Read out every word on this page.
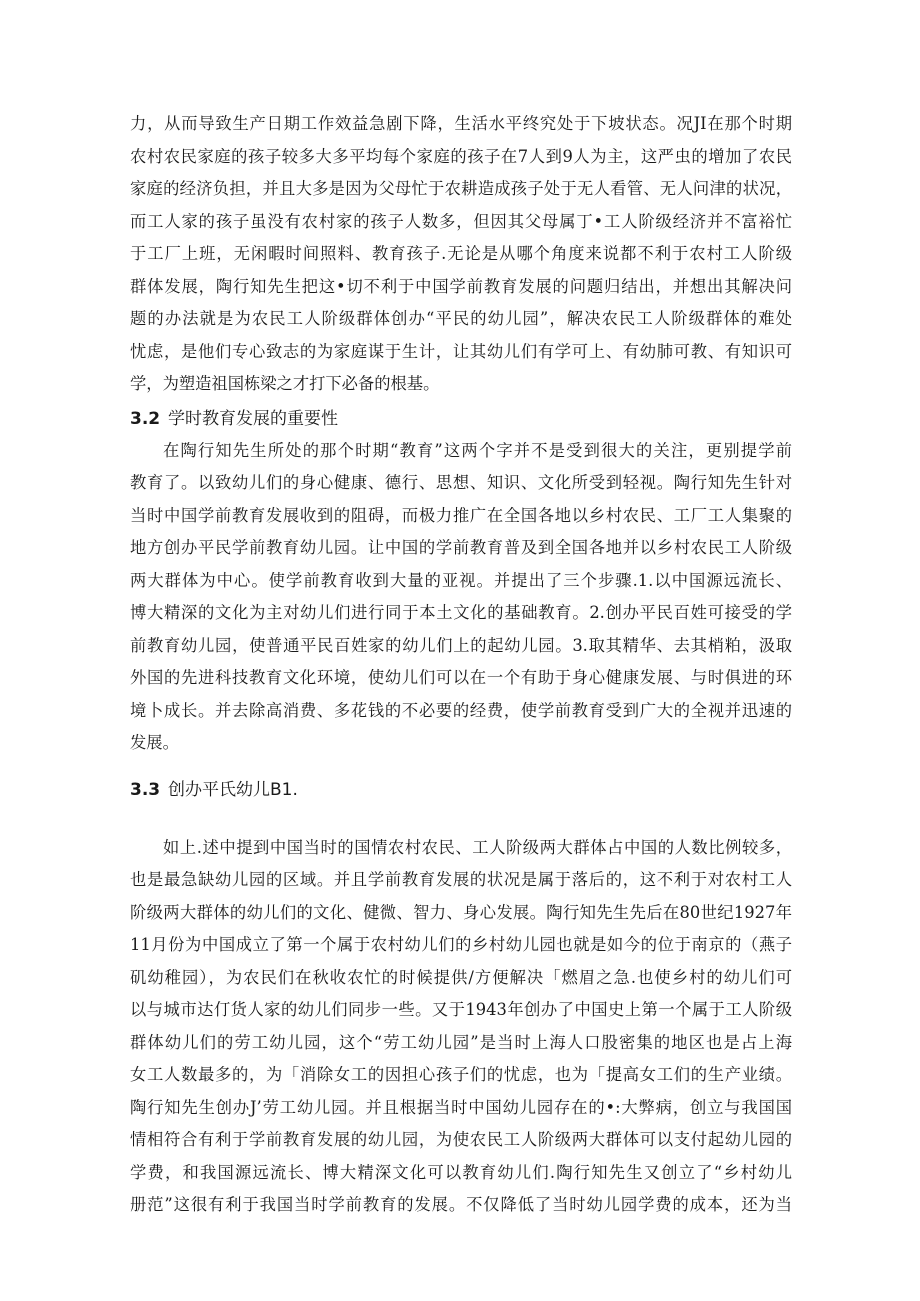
力，从而导致生产日期工作效益急剧下降，生活水平终究处于下坡状态。况JI在那个时期

农村农民家庭的孩子较多大多平均每个家庭的孩子在7人到9人为主，这严虫的增加了农民

家庭的经济负担，并且大多是因为父母忙于农耕造成孩子处于无人看管、无人问津的状况，

而工人家的孩子虽没有农村家的孩子人数多，但因其父母属丁•工人阶级经济并不富裕忙

于工厂上班，无闲暇时间照料、教育孩子.无论是从哪个角度来说都不利于农村工人阶级

群体发展，陶行知先生把这•切不利于中国学前教育发展的问题归结出，并想出其解决问

题的办法就是为农民工人阶级群体创办“平民的幼儿园”，解决农民工人阶级群体的难处

忧虑，是他们专心致志的为家庭谋于生计，让其幼儿们有学可上、有幼肺可教、有知识可

学，为塑造祖国栋梁之才打下必备的根基。

3.2 学时教育发展的重要性

在陶行知先生所处的那个时期“教育”这两个字并不是受到很大的关注，更别提学前

教育了。以致幼儿们的身心健康、德行、思想、知识、文化所受到轻视。陶行知先生针对

当时中国学前教育发展收到的阻碍，而极力推广在全国各地以乡村农民、工厂工人集聚的

地方创办平民学前教育幼儿园。让中国的学前教育普及到全国各地并以乡村农民工人阶级

两大群体为中心。使学前教育收到大量的亚视。并提出了三个步骤.1.以中国源远流长、

博大精深的文化为主对幼儿们进行同于本土文化的基础教育。2.创办平民百姓可接受的学

前教育幼儿园，使普通平民百姓家的幼儿们上的起幼儿园。3.取其精华、去其梢粕，汲取

外国的先进科技教育文化环境，使幼儿们可以在一个有助于身心健康发展、与时俱进的环

境卜成长。并去除高消费、多花钱的不必要的经费，使学前教育受到广大的全视并迅速的

发展。

3.3 创办平氏幼儿B1.

如上.述中提到中国当时的国情农村农民、工人阶级两大群体占中国的人数比例较多，

也是最急缺幼儿园的区域。并且学前教育发展的状况是属于落后的，这不利于对农村工人

阶级两大群体的幼儿们的文化、健微、智力、身心发展。陶行知先生先后在80世纪1927年

11月份为中国成立了第一个属于农村幼儿们的乡村幼儿园也就是如今的位于南京的（燕子

矶幼稚园），为农民们在秋收农忙的时候提供/方便解决「燃眉之急.也使乡村的幼儿们可

以与城市达仃货人家的幼儿们同步一些。又于1943年创办了中国史上第一个属于工人阶级

群体幼儿们的劳工幼儿园，这个“劳工幼儿园”是当时上海人口股密集的地区也是占上海

女工人数最多的，为「消除女工的因担心孩子们的忧虑，也为「提高女工们的生产业绩。

陶行知先生创办J’劳工幼儿园。并且根据当时中国幼儿园存在的•:大弊病，创立与我国国

情相符合有利于学前教育发展的幼儿园，为使农民工人阶级两大群体可以支付起幼儿园的

学费，和我国源远流长、博大精深文化可以教育幼儿们.陶行知先生又创立了“乡村幼儿

册范”这很有利于我国当时学前教育的发展。不仅降低了当时幼儿园学费的成本，还为当
